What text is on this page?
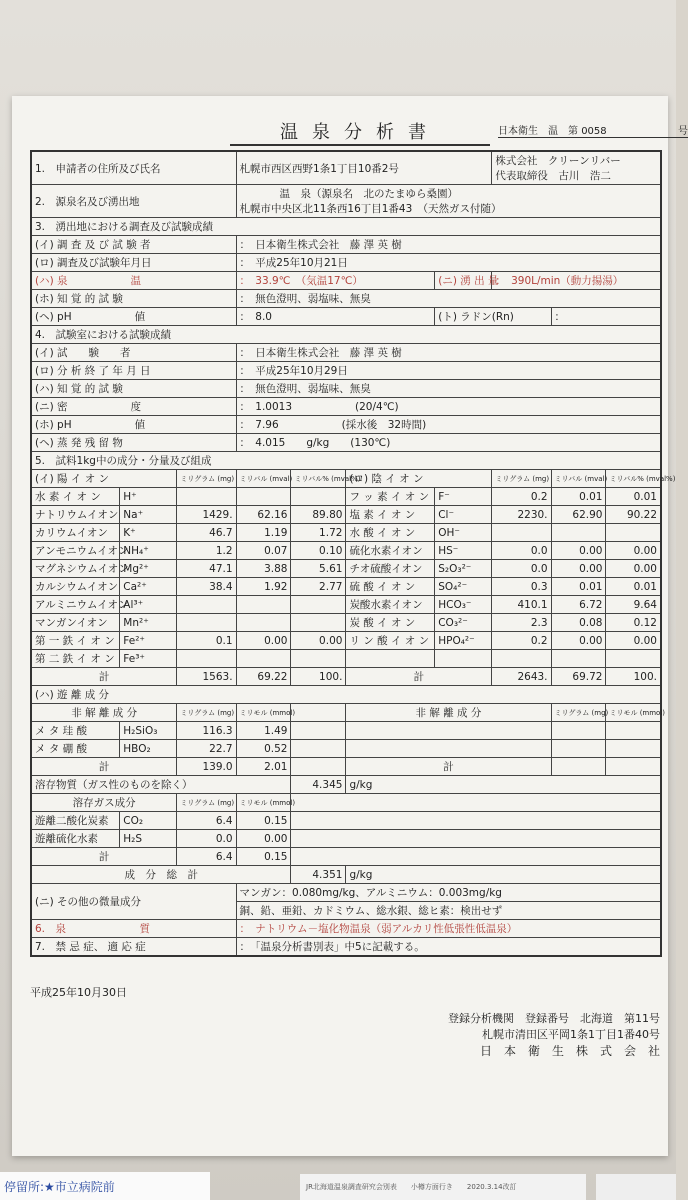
温泉分析書	日本衛生　温　第 0058	号
1.　申請者の住所及び氏名			札幌市西区西野1条1丁目10番2号				株式会社　クリーンリバー
代表取締役　古川　浩二		

2.　源泉名及び湧出地			温　泉（源泉名　北のたまゆら桑園）
札幌市中央区北11条西16丁目1番43　（天然ガス付随）						

3.　湧出地における調査及び試験成績									
(イ) 調 査 及 び 試 験 者			：　日本衛生株式会社　藤 澤 英 樹						
(ロ) 調査及び試験年月日			：　平成25年10月21日						
(ハ) 泉　　　　　　温			：　33.9℃　（気温17℃）			(ニ) 湧 出 量	：　390L/min（動力揚湯）		
(ホ) 知 覚 的 試 験			：　無色澄明、弱塩味、無臭						
(ヘ) pH　　　　　　値			：　8.0			(ト) ラドン(Rn)		：	
4.　試験室における試験成績									
(イ) 試　　験　　者			：　日本衛生株式会社　藤 澤 英 樹						
(ロ) 分 析 終 了 年 月 日			：　平成25年10月29日						
(ハ) 知 覚 的 試 験			：　無色澄明、弱塩味、無臭						
(ニ) 密　　　　　　度			：　1.0013　　　　　　(20/4℃)						
(ホ) pH　　　　　　値			：　7.96　　　　　　(採水後　32時間)						
(ヘ) 蒸 発 残 留 物			：　4.015　　g/kg　　(130℃)						
5.　試料1kg中の成分・分量及び組成									
(イ) 陽 イ オ ン		ミリグラム (mg)	ミリバル (mval)	ミリバル% (mval%)	(ロ) 陰 イ オ ン		ミリグラム (mg)	ミリバル (mval)	ミリバル% (mval%)
水 素 イ オ ン	H⁺				フ ッ 素 イ オ ン	F⁻	0.2	0.01	0.01
ナトリウムイオン	Na⁺	1429.	62.16	89.80	塩 素 イ オ ン	Cl⁻	2230.	62.90	90.22
カリウムイオン	K⁺	46.7	1.19	1.72	水 酸 イ オ ン	OH⁻			
アンモニウムイオン	NH₄⁺	1.2	0.07	0.10	硫化水素イオン	HS⁻	0.0	0.00	0.00
マグネシウムイオン	Mg²⁺	47.1	3.88	5.61	チオ硫酸イオン	S₂O₃²⁻	0.0	0.00	0.00
カルシウムイオン	Ca²⁺	38.4	1.92	2.77	硫 酸 イ オ ン	SO₄²⁻	0.3	0.01	0.01
アルミニウムイオン	Al³⁺				炭酸水素イオン	HCO₃⁻	410.1	6.72	9.64
マンガンイオン	Mn²⁺				炭 酸 イ オ ン	CO₃²⁻	2.3	0.08	0.12
第 一 鉄 イ オ ン	Fe²⁺	0.1	0.00	0.00	リ ン 酸 イ オ ン	HPO₄²⁻	0.2	0.00	0.00
第 二 鉄 イ オ ン	Fe³⁺								
計		1563.	69.22	100.	計		2643.	69.72	100.
(ハ) 遊 離 成 分									
非 解 離 成 分		ミリグラム (mg)	ミリモル (mmol)		非 解 離 成 分			ミリグラム (mg)	ミリモル (mmol)
メ タ 珪 酸	H₂SiO₃	116.3	1.49						
メ タ 硼 酸	HBO₂	22.7	0.52						
計		139.0	2.01		計				
溶存物質（ガス性のものを除く）				4.345	g/kg				
溶存ガス成分		ミリグラム (mg)	ミリモル (mmol)						
遊離二酸化炭素	CO₂	6.4	0.15						
遊離硫化水素	H₂S	0.0	0.00						
計		6.4	0.15						
成　分　総　計				4.351	g/kg				
(ニ) その他の微量成分			マンガン：0.080mg/kg、アルミニウム：0.003mg/kg						
			銅、鉛、亜鉛、カドミウム、総水銀、総ヒ素：検出せず						
6.　泉　　　　　　　質			：　ナトリウム－塩化物温泉（弱アルカリ性低張性低温泉）						
7.　禁 忌 症、 適 応 症			：　「温泉分析書別表」中5に記載する。						
平成25年10月30日
登録分析機関　登録番号　北海道　第11号
札幌市清田区平岡1条1丁目1番40号
日　本　衛　生　株　式　会　社
停留所:★市立病院前	JR北海道温泉調査研究会別表　　小樽方面行き　　2020.3.14改訂
